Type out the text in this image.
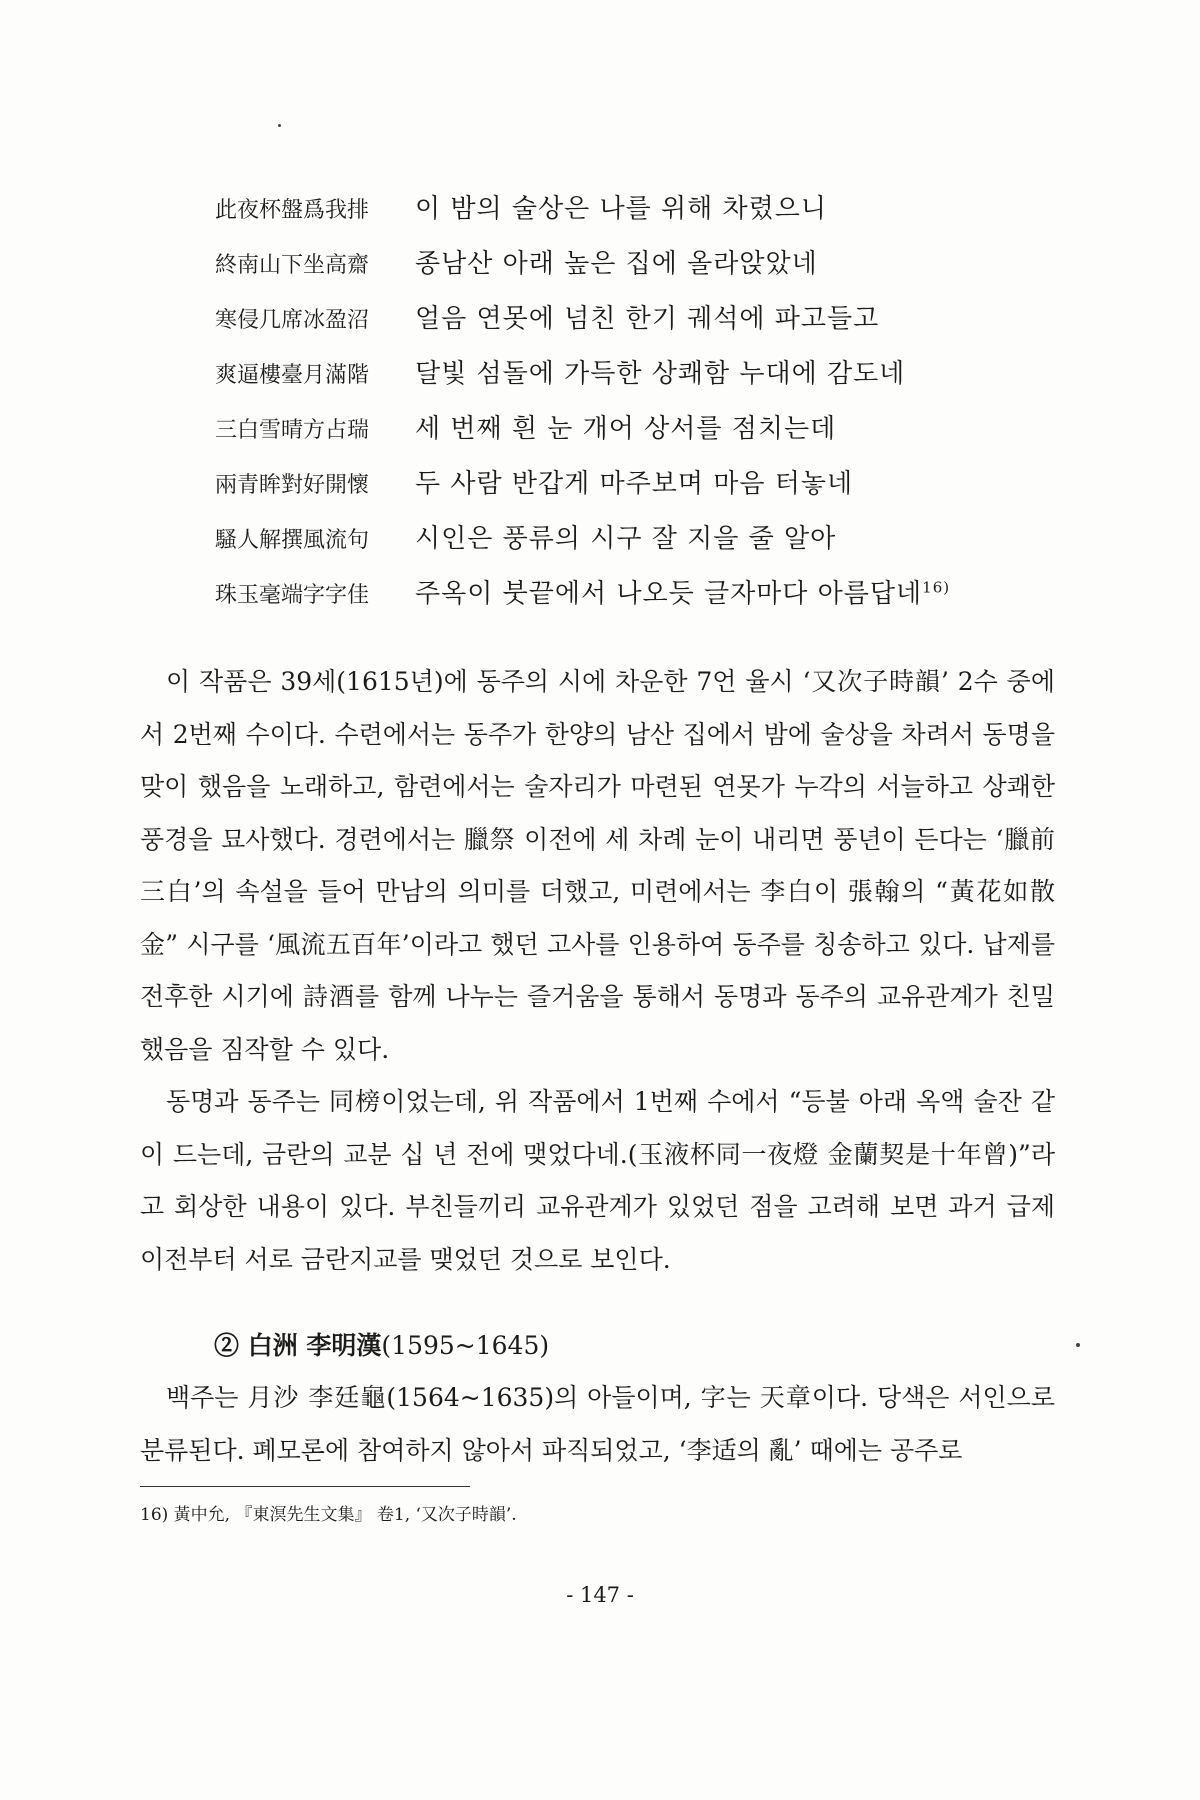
此夜杯盤爲我排	이 밤의 술상은 나를 위해 차렸으니
終南山下坐高齋	종남산 아래 높은 집에 올라앉았네
寒侵几席冰盈沼	얼음 연못에 넘친 한기 궤석에 파고들고
爽逼樓臺月滿階	달빛 섬돌에 가득한 상쾌함 누대에 감도네
三白雪晴方占瑞	세 번째 흰 눈 개어 상서를 점치는데
兩青眸對好開懷	두 사람 반갑게 마주보며 마음 터놓네
騷人解撰風流句	시인은 풍류의 시구 잘 지을 줄 알아
珠玉毫端字字佳	주옥이 붓끝에서 나오듯 글자마다 아름답네$^{16)}$

이 작품은 39세(1615년)에 동주의 시에 차운한 7언 율시 ‘又次子時韻’ 2수 중에서 2번째 수이다. 수련에서는 동주가 한양의 남산 집에서 밤에 술상을 차려서 동명을 맞이 했음을 노래하고, 함련에서는 술자리가 마련된 연못가 누각의 서늘하고 상쾌한 풍경을 묘사했다. 경련에서는 臘祭 이전에 세 차례 눈이 내리면 풍년이 든다는 ‘臘前三白’의 속설을 들어 만남의 의미를 더했고, 미련에서는 李白이 張翰의 “黃花如散金” 시구를 ‘風流五百年’이라고 했던 고사를 인용하여 동주를 칭송하고 있다. 납제를 전후한 시기에 詩酒를 함께 나누는 즐거움을 통해서 동명과 동주의 교유관계가 친밀했음을 짐작할 수 있다.

동명과 동주는 同榜이었는데, 위 작품에서 1번째 수에서 “등불 아래 옥액 술잔 같이 드는데, 금란의 교분 십 년 전에 맺었다네.(玉液杯同一夜燈 金蘭契是十年曾)”라고 회상한 내용이 있다. 부친들끼리 교유관계가 있었던 점을 고려해 보면 과거 급제 이전부터 서로 금란지교를 맺었던 것으로 보인다.

② 白洲 李明漢(1595~1645)

백주는 月沙 李廷龜(1564~1635)의 아들이며, 字는 天章이다. 당색은 서인으로 분류된다. 폐모론에 참여하지 않아서 파직되었고, ‘李适의 亂’ 때에는 공주로

16) 黃中允, 『東溟先生文集』 卷1, ‘又次子時韻’.

- 147 -
